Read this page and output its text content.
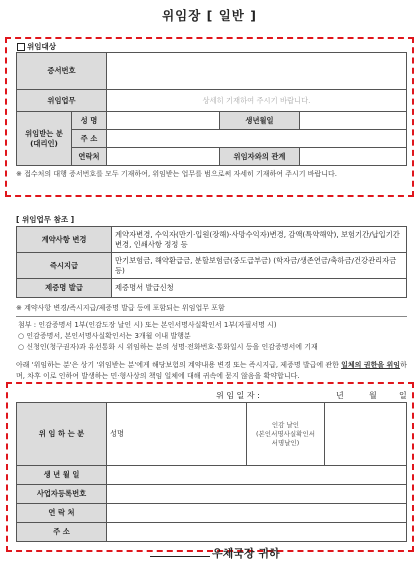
위임장 [ 일반 ]
위임대상
증서번호				
위임업무		상세히 기재하여 주시기 바랍니다.		
위임받는 분
(대리인)	성 명		생년월일	
	주 소			
	연락처		위임자와의 관계	
※ 접수처의 대행 증서번호를 모두 기재하여, 위임받는 업무를 범으로써 자세히 기재하여 주시기 바랍니다.
[ 위임업무 참조 ]
계약사항 변경	계약자변경, 수익자(만기·입원(장해)·사망수익자)변경, 감액(특약해약), 보험기간/납입기간 변경, 인쇄사항 정정 등
즉시지급	만기보험금, 해약환급금, 분할보험금(중도급부금) (학자금/생존연금/축하금/건강관리자금 등)
제증명 발급	제증명서 발급신청
※ 계약사항 변경/즉시지급/제증명 발급 등에 포함되는 위임업무 포함
첨부 : 인감증명서 1부(인감도장 날인 시) 또는 본인서명사실확인서 1부(자필서명 시)
○ 인감증명서, 본인서명사실확인서는 3개월 이내 발행분
○ 신청인(청구권자)과 유선통화 시 위임하는 분의 성명·전화번호·통화일시 등을 인감증명서에 기재
아래 '위임하는 분'은 상기 '위임받는 분'에게 해당보험의 계약내용 변경 또는 즉시지급, 제증명 발급에 관한 일체의 권한을 위임하며, 차후 이로 인하여 발생하는 민·형사상의 책임 일체에 대해 귀속에 묻지 않음을 확약합니다.
위 임 일 자 :	년	월	일
위 임 하 는 분	성명	인감 날인
(본인서명사실확인서
서명날인)	
생 년 월 일			
사업자등록번호			
연 락 처			
주 소			
우체국장 귀하
